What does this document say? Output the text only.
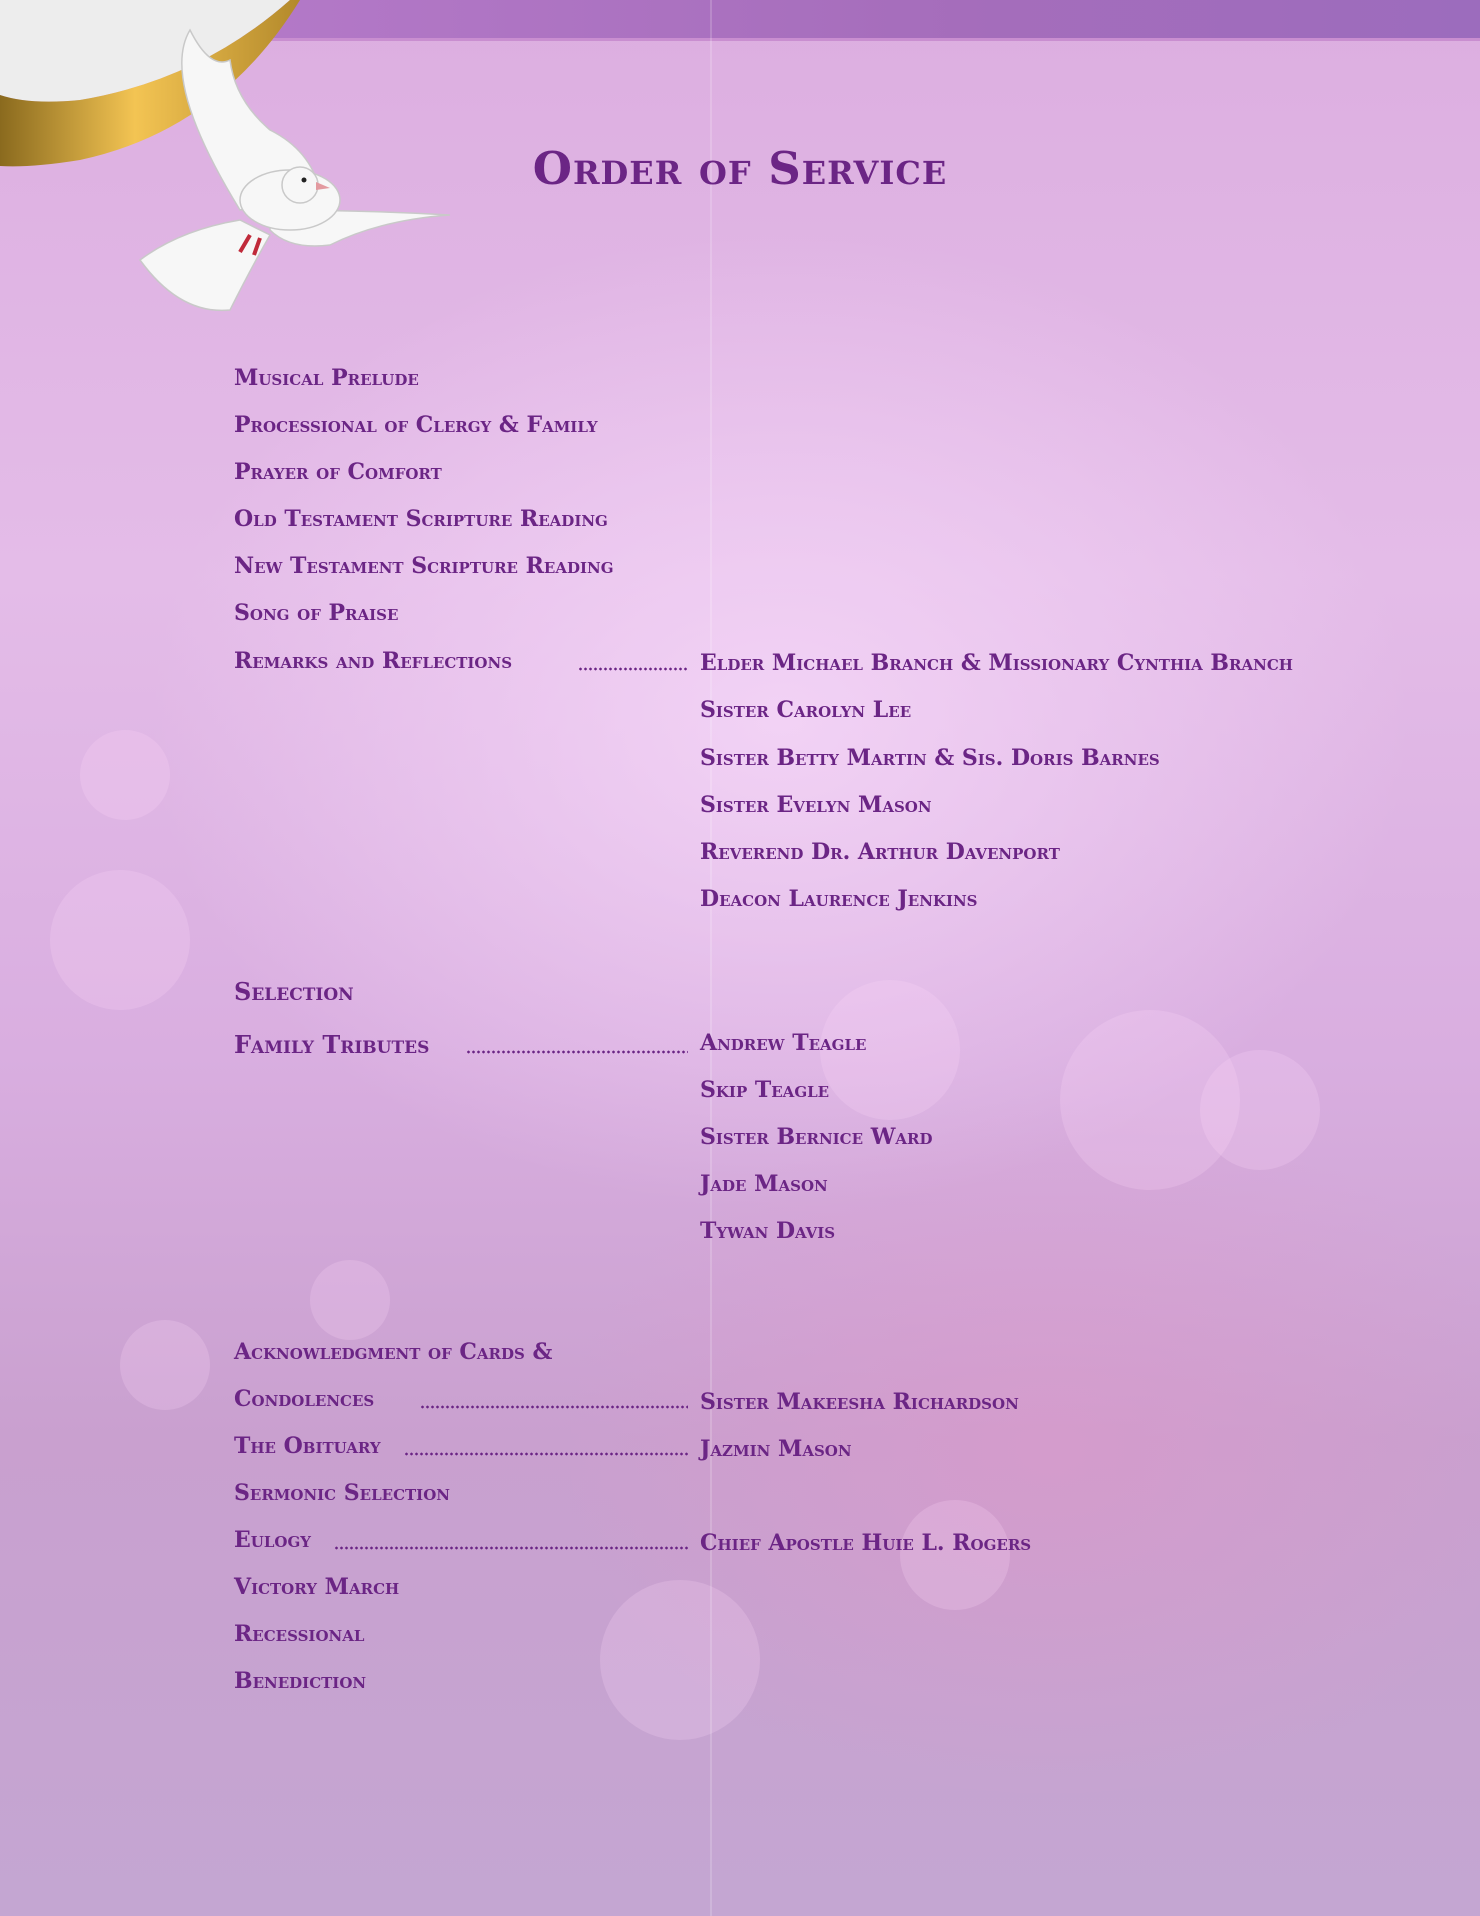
Order of Service
Musical Prelude
Processional of Clergy & Family
Prayer of Comfort
Old Testament Scripture Reading
New Testament Scripture Reading
Song of Praise
Remarks and Reflections
Selection
Family Tributes
Acknowledgment of Cards &
Condolences
The Obituary
Sermonic Selection
Eulogy
Victory March
Recessional
Benediction
Elder Michael Branch & Missionary Cynthia Branch
Sister Carolyn Lee
Sister Betty Martin & Sis. Doris Barnes
Sister Evelyn Mason
Reverend Dr. Arthur Davenport
Deacon Laurence Jenkins
Andrew Teagle
Skip Teagle
Sister Bernice Ward
Jade Mason
Tywan Davis
Sister Makeesha Richardson
Jazmin Mason
Chief Apostle Huie L. Rogers
